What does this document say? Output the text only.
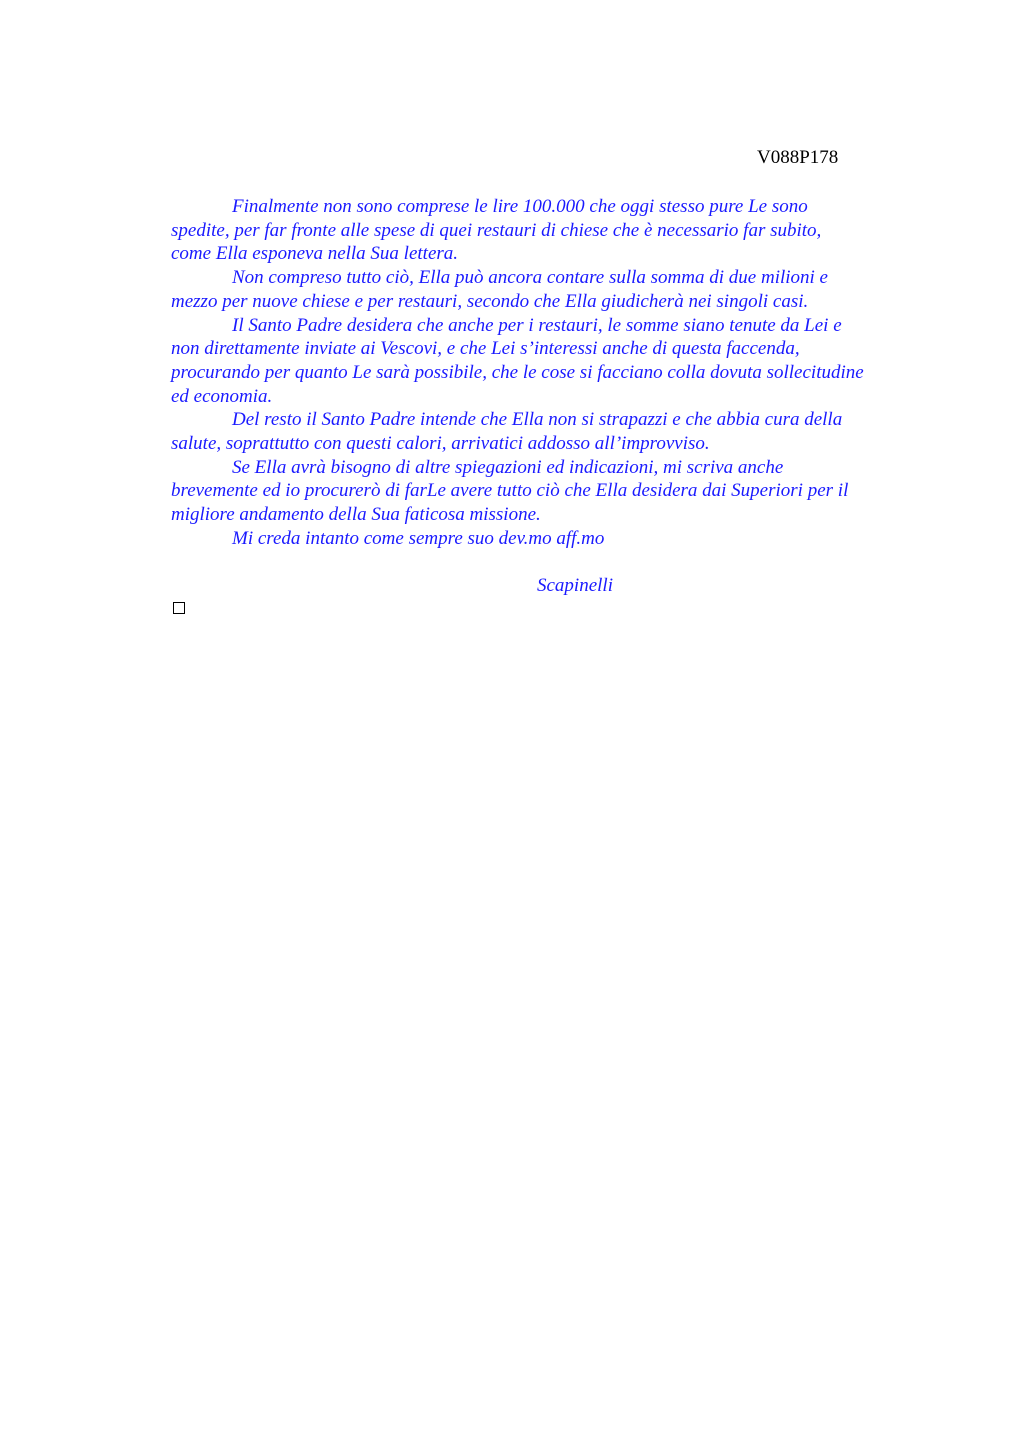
V088P178

Finalmente non sono comprese le lire 100.000 che oggi stesso pure Le sono
spedite, per far fronte alle spese di quei restauri di chiese che è necessario far subito,
come Ella esponeva nella Sua lettera.

Non compreso tutto ciò, Ella può ancora contare sulla somma di due milioni e
mezzo per nuove chiese e per restauri, secondo che Ella giudicherà nei singoli casi.

Il Santo Padre desidera che anche per i restauri, le somme siano tenute da Lei e
non direttamente inviate ai Vescovi, e che Lei s’interessi anche di questa faccenda,
procurando per quanto Le sarà possibile, che le cose si facciano colla dovuta sollecitudine
ed economia.

Del resto il Santo Padre intende che Ella non si strapazzi e che abbia cura della
salute, soprattutto con questi calori, arrivatici addosso all’improvviso.

Se Ella avrà bisogno di altre spiegazioni ed indicazioni, mi scriva anche
brevemente ed io procurerò di farLe avere tutto ciò che Ella desidera dai Superiori per il
migliore andamento della Sua faticosa missione.

Mi creda intanto come sempre suo dev.mo aff.mo

Scapinelli
